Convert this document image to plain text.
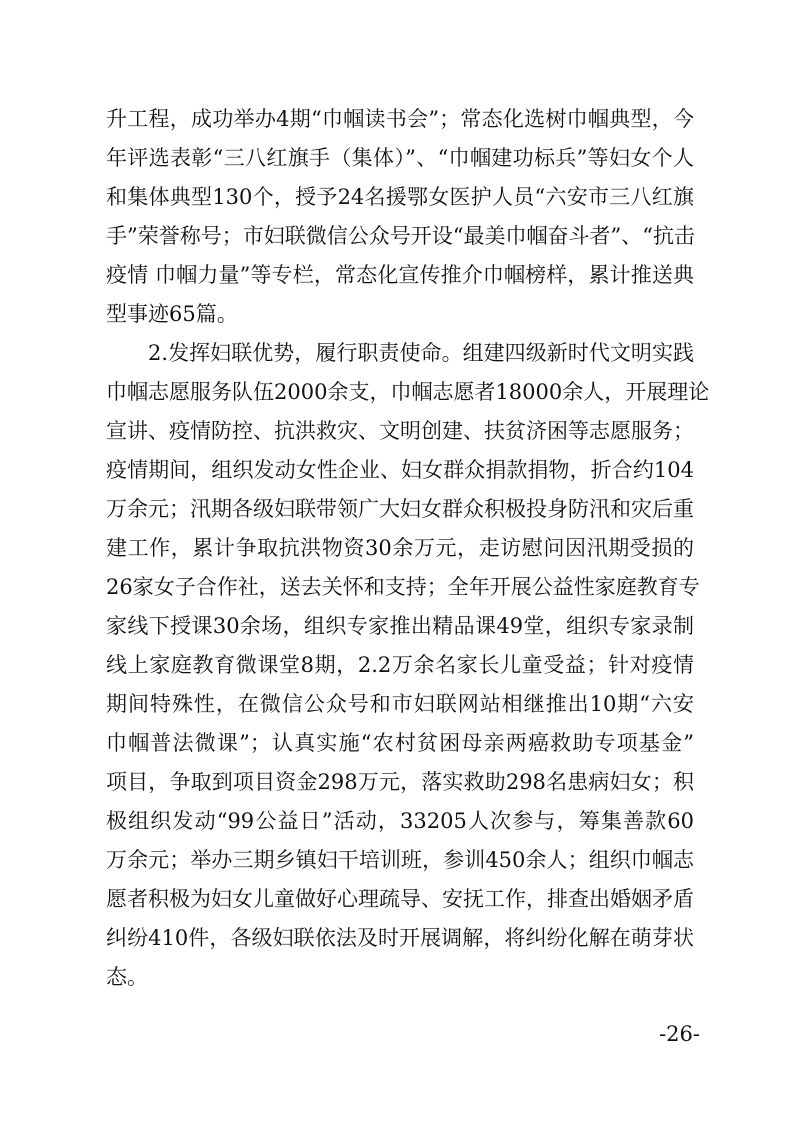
升工程，成功举办4期“巾帼读书会”；常态化选树巾帼典型，今
年评选表彰“三八红旗手（集体）”、“巾帼建功标兵”等妇女个人
和集体典型130个，授予24名援鄂女医护人员“六安市三八红旗
手”荣誉称号；市妇联微信公众号开设“最美巾帼奋斗者”、“抗击
疫情 巾帼力量”等专栏，常态化宣传推介巾帼榜样，累计推送典
型事迹65篇。
2.发挥妇联优势，履行职责使命。组建四级新时代文明实践
巾帼志愿服务队伍2000余支，巾帼志愿者18000余人，开展理论
宣讲、疫情防控、抗洪救灾、文明创建、扶贫济困等志愿服务；
疫情期间，组织发动女性企业、妇女群众捐款捐物，折合约104
万余元；汛期各级妇联带领广大妇女群众积极投身防汛和灾后重
建工作，累计争取抗洪物资30余万元，走访慰问因汛期受损的
26家女子合作社，送去关怀和支持；全年开展公益性家庭教育专
家线下授课30余场，组织专家推出精品课49堂，组织专家录制
线上家庭教育微课堂8期，2.2万余名家长儿童受益；针对疫情
期间特殊性，在微信公众号和市妇联网站相继推出10期“六安
巾帼普法微课”；认真实施“农村贫困母亲两癌救助专项基金”
项目，争取到项目资金298万元，落实救助298名患病妇女；积
极组织发动“99公益日”活动，33205人次参与，筹集善款60
万余元；举办三期乡镇妇干培训班，参训450余人；组织巾帼志
愿者积极为妇女儿童做好心理疏导、安抚工作，排查出婚姻矛盾
纠纷410件，各级妇联依法及时开展调解，将纠纷化解在萌芽状
态。
-26-
